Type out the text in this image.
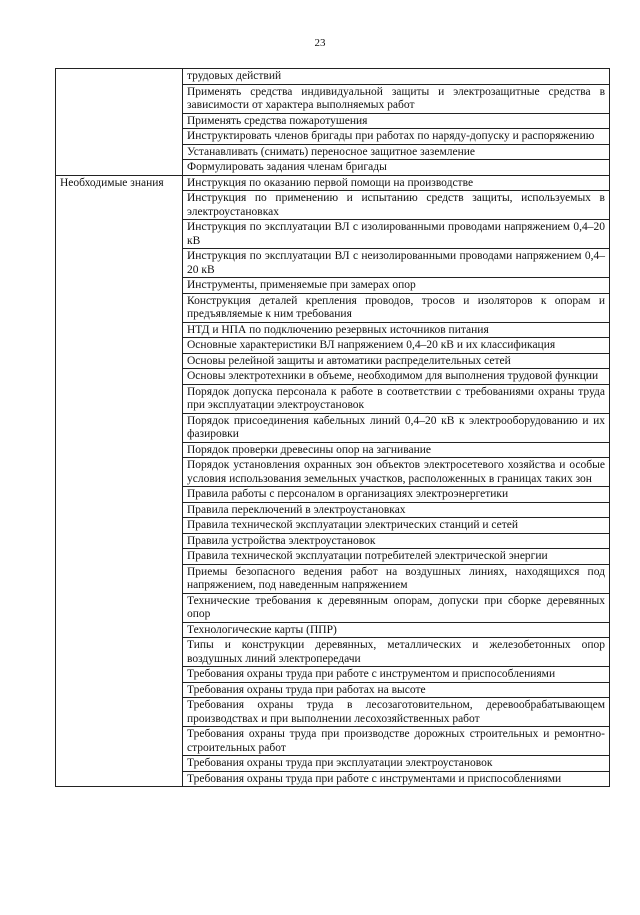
23
	трудовых действий
	Применять средства индивидуальной защиты и электрозащитные средства в зависимости от характера выполняемых работ
	Применять средства пожаротушения
	Инструктировать членов бригады при работах по наряду-допуску и распоряжению
	Устанавливать (снимать) переносное защитное заземление
	Формулировать задания членам бригады
Необходимые знания	Инструкция по оказанию первой помощи на производстве
	Инструкция по применению и испытанию средств защиты, используемых в электроустановках
	Инструкция по эксплуатации ВЛ с изолированными проводами напряжением 0,4–20 кВ
	Инструкция по эксплуатации ВЛ с неизолированными проводами напряжением 0,4–20 кВ
	Инструменты, применяемые при замерах опор
	Конструкция деталей крепления проводов, тросов и изоляторов к опорам и предъявляемые к ним требования
	НТД и НПА по подключению резервных источников питания
	Основные характеристики ВЛ напряжением 0,4–20 кВ и их классификация
	Основы релейной защиты и автоматики распределительных сетей
	Основы электротехники в объеме, необходимом для выполнения трудовой функции
	Порядок допуска персонала к работе в соответствии с требованиями охраны труда при эксплуатации электроустановок
	Порядок присоединения кабельных линий 0,4–20 кВ к электрооборудованию и их фазировки
	Порядок проверки древесины опор на загнивание
	Порядок установления охранных зон объектов электросетевого хозяйства и особые условия использования земельных участков, расположенных в границах таких зон
	Правила работы с персоналом в организациях электроэнергетики
	Правила переключений в электроустановках
	Правила технической эксплуатации электрических станций и сетей
	Правила устройства электроустановок
	Правила технической эксплуатации потребителей электрической энергии
	Приемы безопасного ведения работ на воздушных линиях, находящихся под напряжением, под наведенным напряжением
	Технические требования к деревянным опорам, допуски при сборке деревянных опор
	Технологические карты (ППР)
	Типы и конструкции деревянных, металлических и железобетонных опор воздушных линий электропередачи
	Требования охраны труда при работе с инструментом и приспособлениями
	Требования охраны труда при работах на высоте
	Требования охраны труда в лесозаготовительном, деревообрабатывающем производствах и при выполнении лесохозяйственных работ
	Требования охраны труда при производстве дорожных строительных и ремонтно-строительных работ
	Требования охраны труда при эксплуатации электроустановок
	Требования охраны труда при работе с инструментами и приспособлениями
